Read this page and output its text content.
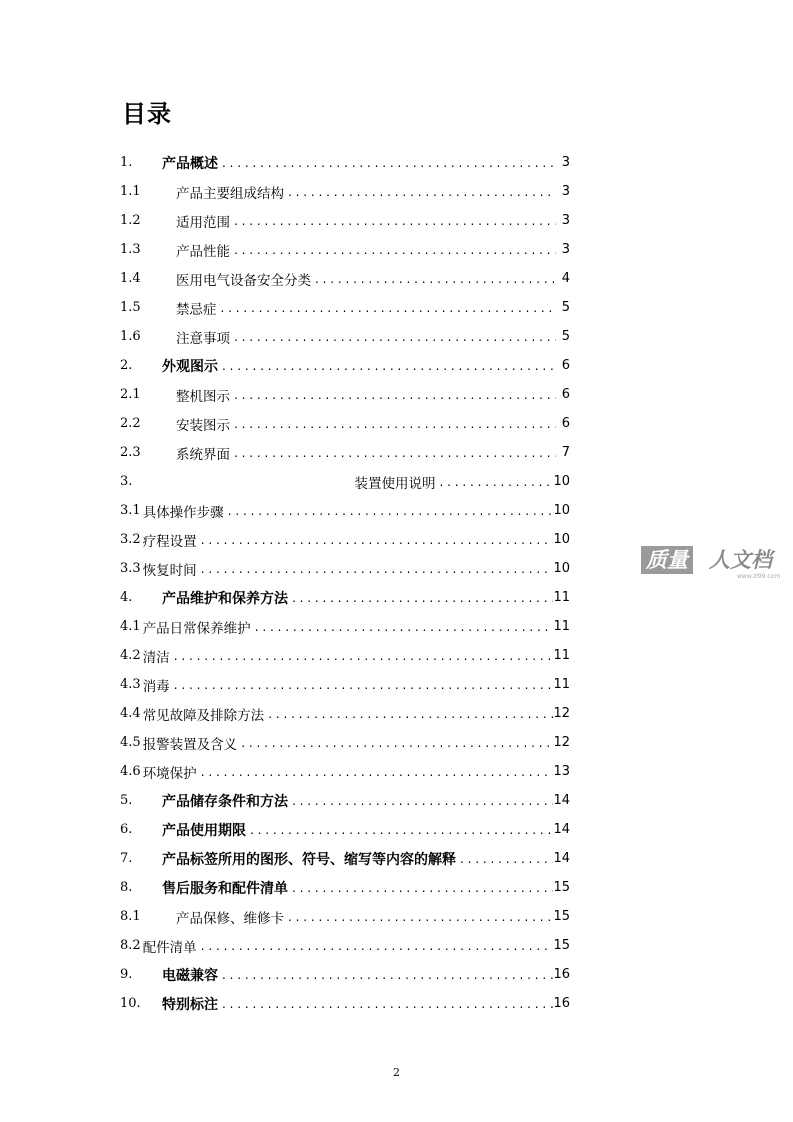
目录
1.	产品概述 . . .	3
1.1	产品主要组成结构 . . .	3
1.2	适用范围 . . .	3
1.3	产品性能 . . .	3
1.4	医用电气设备安全分类 . . .	4
1.5	禁忌症 . . .	5
1.6	注意事项 . . .	5
2.	外观图示 . . .	6
2.1	整机图示 . . .	6
2.2	安装图示 . . .	6
2.3	系统界面 . . .	7
3.	装置使用说明 . . .	10
3.1 具体操作步骤 . . .	10
3.2 疗程设置 . . .	10
3.3 恢复时间 . . .	10
4.	产品维护和保养方法 . . .	11
4.1 产品日常保养维护 . . .	11
4.2 清洁 . . .	11
4.3 消毒 . . .	11
4.4 常见故障及排除方法 . . .	12
4.5 报警装置及含义 . . .	12
4.6 环境保护 . . .	13
5.	产品储存条件和方法 . . .	14
6.	产品使用期限 . . .	14
7.	产品标签所用的图形、符号、缩写等内容的解释 . . .	14
8.	售后服务和配件清单 . . .	15
8.1	产品保修、维修卡 . . .	15
8.2 配件清单 . . .	15
9.	电磁兼容 . . .	16
10.	特别标注 . . .	16
质量 人文档
www.zl99.com
2
